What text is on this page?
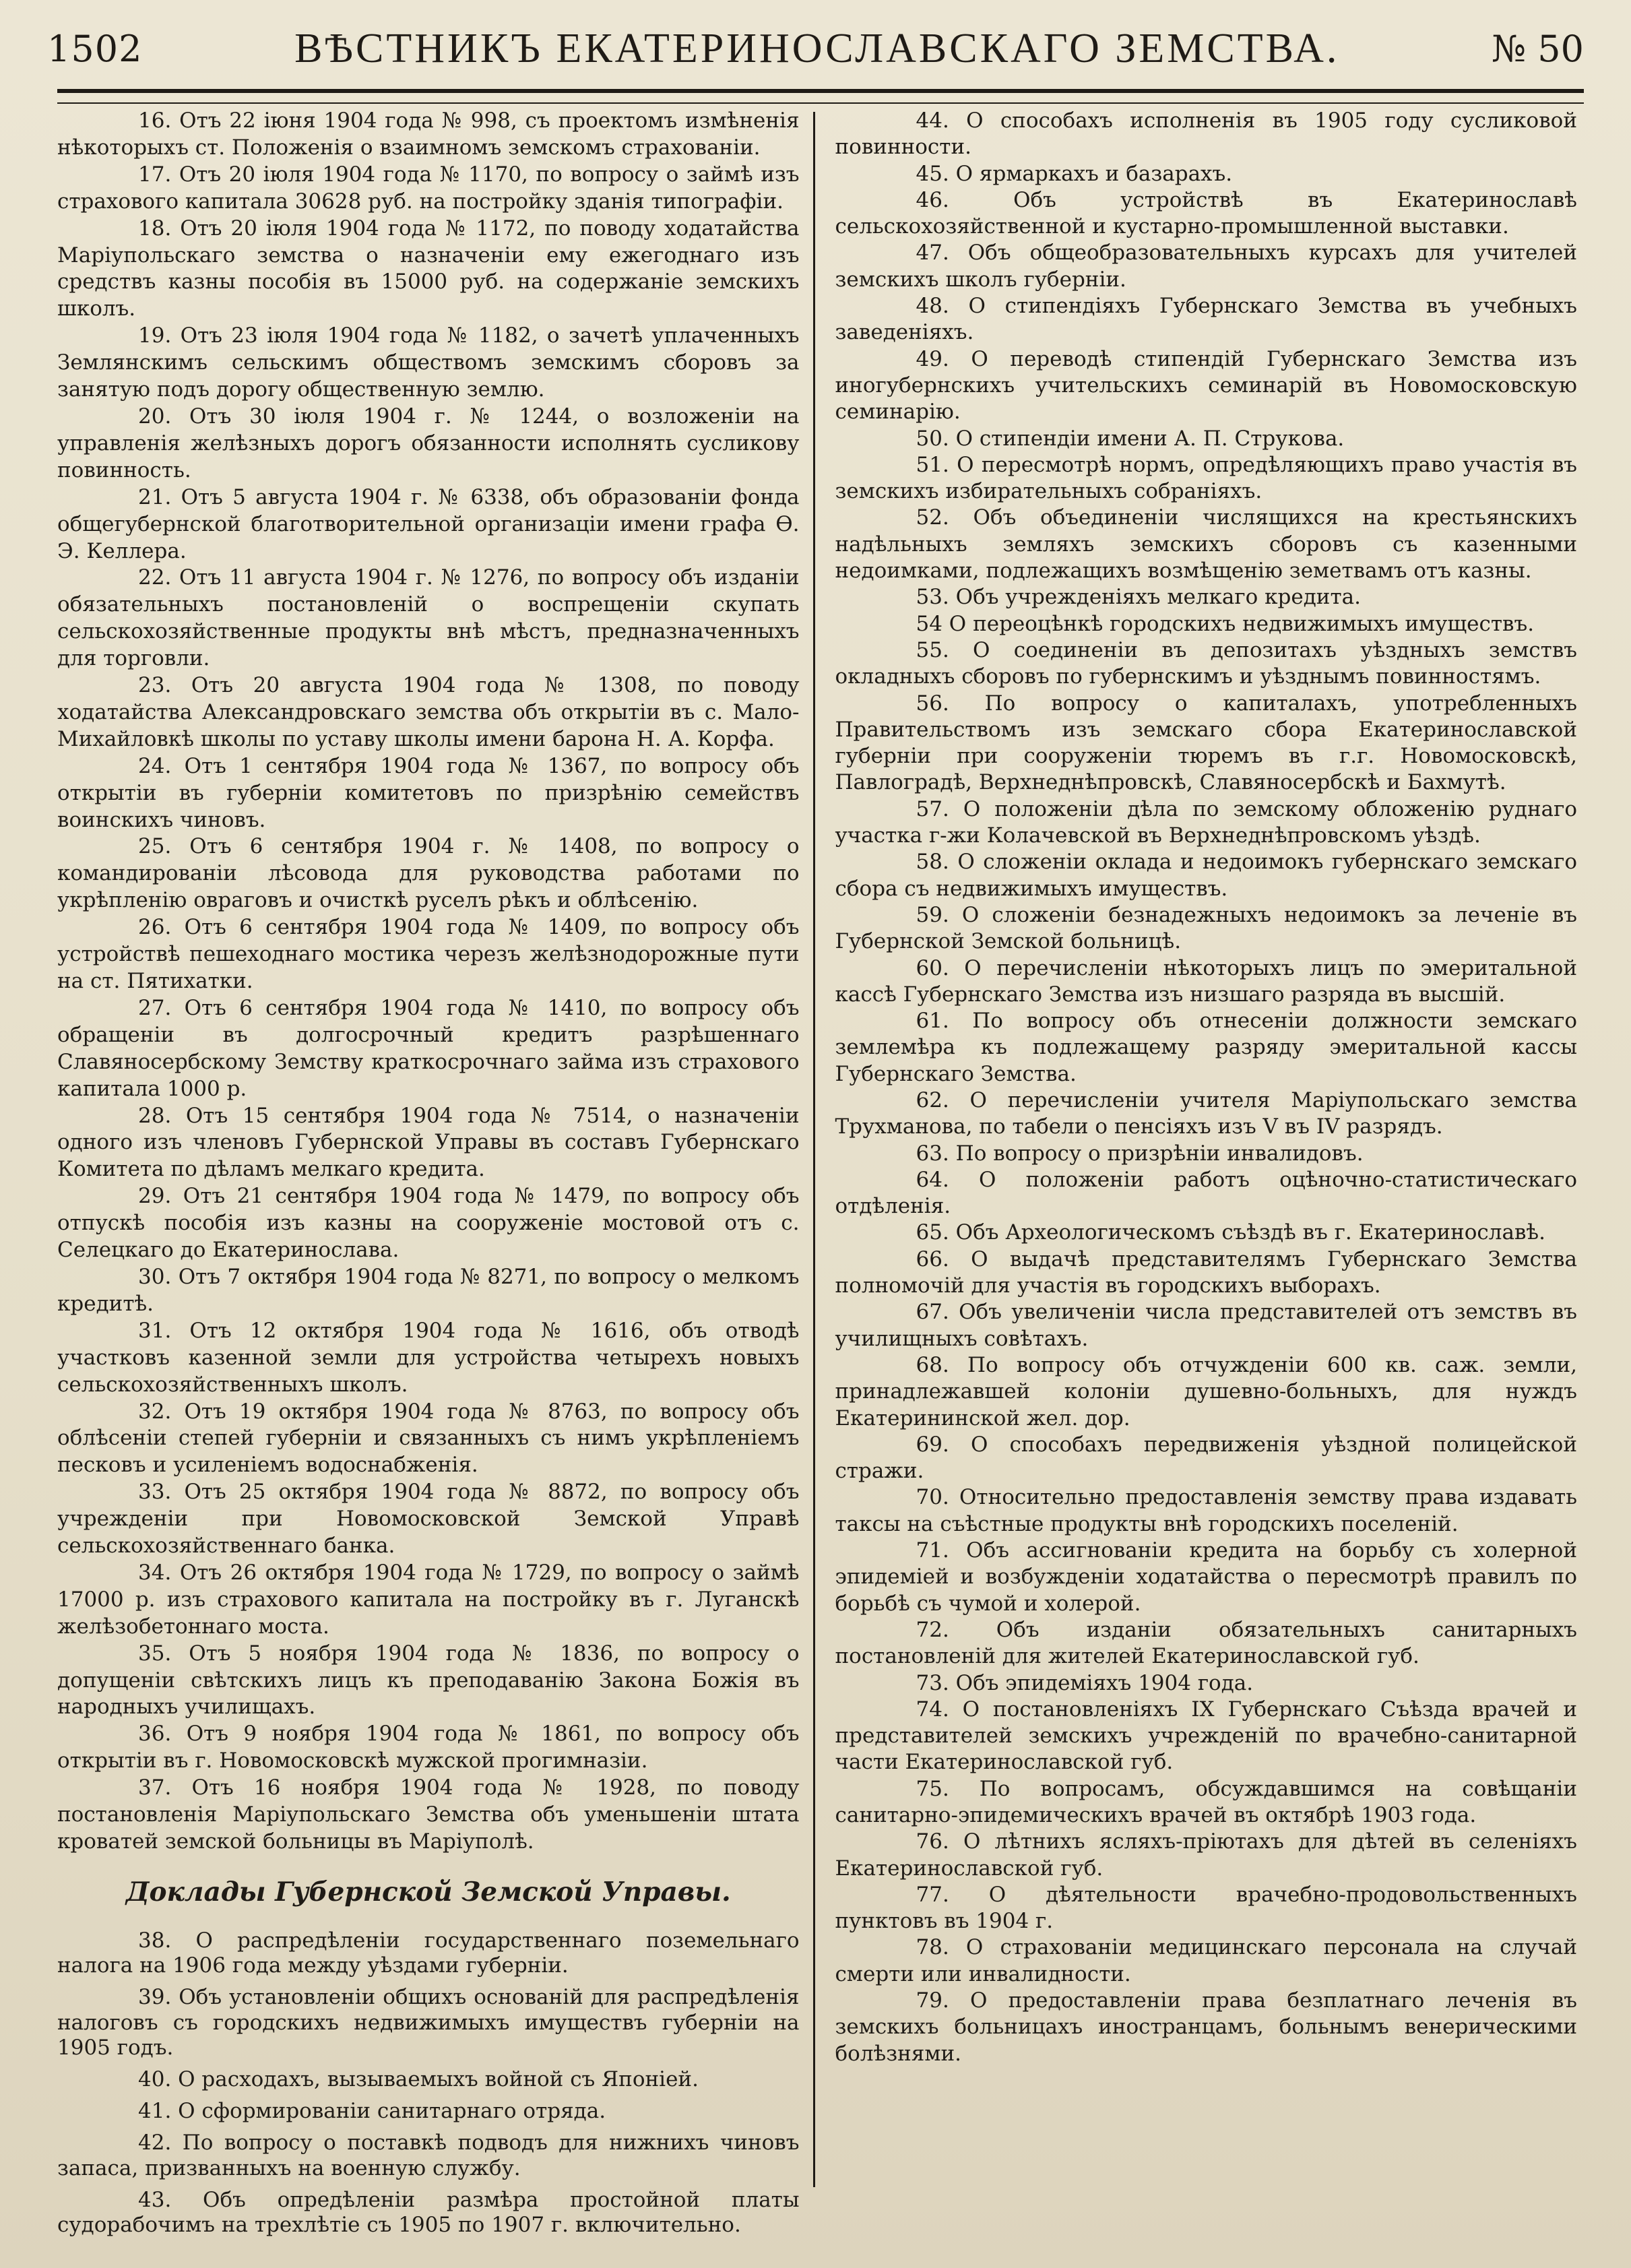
1502	ВѢСТНИКЪ ЕКАТЕРИНОСЛАВСКАГО ЗЕМСТВА.	№ 50

16. Отъ 22 іюня 1904 года № 998, съ проектомъ измѣненія нѣкоторыхъ ст. Положенія о взаимномъ земскомъ страхованіи.

17. Отъ 20 іюля 1904 года № 1170, по вопросу о займѣ изъ страхового капитала 30628 руб. на постройку зданія типографіи.

18. Отъ 20 іюля 1904 года № 1172, по поводу ходатайства Маріупольскаго земства о назначеніи ему ежегоднаго изъ средствъ казны пособія въ 15000 руб. на содержаніе земскихъ школъ.

19. Отъ 23 іюля 1904 года № 1182, о зачетѣ уплаченныхъ Землянскимъ сельскимъ обществомъ земскимъ сборовъ за занятую подъ дорогу общественную землю.

20. Отъ 30 іюля 1904 г. № 1244, о возложеніи на управленія желѣзныхъ дорогъ обязанности исполнять сусликову повинность.

21. Отъ 5 августа 1904 г. № 6338, объ образованіи фонда общегубернской благотворительной организаціи имени графа Ѳ. Э. Келлера.

22. Отъ 11 августа 1904 г. № 1276, по вопросу объ изданіи обязательныхъ постановленій о воспрещеніи скупать сельскохозяйственные продукты внѣ мѣстъ, предназначенныхъ для торговли.

23. Отъ 20 августа 1904 года № 1308, по поводу ходатайства Александровскаго земства объ открытіи въ с. Мало-Михайловкѣ школы по уставу школы имени барона Н. А. Корфа.

24. Отъ 1 сентября 1904 года № 1367, по вопросу объ открытіи въ губерніи комитетовъ по призрѣнію семействъ воинскихъ чиновъ.

25. Отъ 6 сентября 1904 г. № 1408, по вопросу о командированіи лѣсовода для руководства работами по укрѣпленію овраговъ и очисткѣ руселъ рѣкъ и облѣсенію.

26. Отъ 6 сентября 1904 года № 1409, по вопросу объ устройствѣ пешеходнаго мостика черезъ желѣзнодорожные пути на ст. Пятихатки.

27. Отъ 6 сентября 1904 года № 1410, по вопросу объ обращеніи въ долгосрочный кредитъ разрѣшеннаго Славяносербскому Земству краткосрочнаго займа изъ страхового капитала 1000 р.

28. Отъ 15 сентября 1904 года № 7514, о назначеніи одного изъ членовъ Губернской Управы въ составъ Губернскаго Комитета по дѣламъ мелкаго кредита.

29. Отъ 21 сентября 1904 года № 1479, по вопросу объ отпускѣ пособія изъ казны на сооруженіе мостовой отъ с. Селецкаго до Екатеринослава.

30. Отъ 7 октября 1904 года № 8271, по вопросу о мелкомъ кредитѣ.

31. Отъ 12 октября 1904 года № 1616, объ отводѣ участковъ казенной земли для устройства четырехъ новыхъ сельскохозяйственныхъ школъ.

32. Отъ 19 октября 1904 года № 8763, по вопросу объ облѣсеніи степей губерніи и связанныхъ съ нимъ укрѣпленіемъ песковъ и усиленіемъ водоснабженія.

33. Отъ 25 октября 1904 года № 8872, по вопросу объ учрежденіи при Новомосковской Земской Управѣ сельскохозяйственнаго банка.

34. Отъ 26 октября 1904 года № 1729, по вопросу о займѣ 17000 р. изъ страхового капитала на постройку въ г. Луганскѣ желѣзобетоннаго моста.

35. Отъ 5 ноября 1904 года № 1836, по вопросу о допущеніи свѣтскихъ лицъ къ преподаванію Закона Божія въ народныхъ училищахъ.

36. Отъ 9 ноября 1904 года № 1861, по вопросу объ открытіи въ г. Новомосковскѣ мужской прогимназіи.

37. Отъ 16 ноября 1904 года № 1928, по поводу постановленія Маріупольскаго Земства объ уменьшеніи штата кроватей земской больницы въ Маріуполѣ.

Доклады Губернской Земской Управы.

38. О распредѣленіи государственнаго поземельнаго налога на 1906 года между уѣздами губерніи.

39. Объ установленіи общихъ основаній для распредѣленія налоговъ съ городскихъ недвижимыхъ имуществъ губерніи на 1905 годъ.

40. О расходахъ, вызываемыхъ войной съ Японіей.

41. О сформированіи санитарнаго отряда.

42. По вопросу о поставкѣ подводъ для нижнихъ чиновъ запаса, призванныхъ на военную службу.

43. Объ опредѣленіи размѣра простойной платы судорабочимъ на трехлѣтіе съ 1905 по 1907 г. включительно.

44. О способахъ исполненія въ 1905 году сусликовой повинности.

45. О ярмаркахъ и базарахъ.

46. Объ устройствѣ въ Екатеринославѣ сельскохозяйственной и кустарно-промышленной выставки.

47. Объ общеобразовательныхъ курсахъ для учителей земскихъ школъ губерніи.

48. О стипендіяхъ Губернскаго Земства въ учебныхъ заведеніяхъ.

49. О переводѣ стипендій Губернскаго Земства изъ иногубернскихъ учительскихъ семинарій въ Новомосковскую семинарію.

50. О стипендіи имени А. П. Струкова.

51. О пересмотрѣ нормъ, опредѣляющихъ право участія въ земскихъ избирательныхъ собраніяхъ.

52. Объ объединеніи числящихся на крестьянскихъ надѣльныхъ земляхъ земскихъ сборовъ съ казенными недоимками, подлежащихъ возмѣщенію земетвамъ отъ казны.

53. Объ учрежденіяхъ мелкаго кредита.

54 О переоцѣнкѣ городскихъ недвижимыхъ имуществъ.

55. О соединеніи въ депозитахъ уѣздныхъ земствъ окладныхъ сборовъ по губернскимъ и уѣзднымъ повинностямъ.

56. По вопросу о капиталахъ, употребленныхъ Правительствомъ изъ земскаго сбора Екатеринославской губерніи при сооруженіи тюремъ въ г.г. Новомосковскѣ, Павлоградѣ, Верхнеднѣпровскѣ, Славяносербскѣ и Бахмутѣ.

57. О положеніи дѣла по земскому обложенію руднаго участка г-жи Колачевской въ Верхнеднѣпровскомъ уѣздѣ.

58. О сложеніи оклада и недоимокъ губернскаго земскаго сбора съ недвижимыхъ имуществъ.

59. О сложеніи безнадежныхъ недоимокъ за леченіе въ Губернской Земской больницѣ.

60. О перечисленіи нѣкоторыхъ лицъ по эмеритальной кассѣ Губернскаго Земства изъ низшаго разряда въ высшій.

61. По вопросу объ отнесеніи должности земскаго землемѣра къ подлежащему разряду эмеритальной кассы Губернскаго Земства.

62. О перечисленіи учителя Маріупольскаго земства Трухманова, по табели о пенсіяхъ изъ V въ IV разрядъ.

63. По вопросу о призрѣніи инвалидовъ.

64. О положеніи работъ оцѣночно-статистическаго отдѣленія.

65. Объ Археологическомъ съѣздѣ въ г. Екатеринославѣ.

66. О выдачѣ представителямъ Губернскаго Земства полномочій для участія въ городскихъ выборахъ.

67. Объ увеличеніи числа представителей отъ земствъ въ училищныхъ совѣтахъ.

68. По вопросу объ отчужденіи 600 кв. саж. земли, принадлежавшей колоніи душевно-больныхъ, для нуждъ Екатерининской жел. дор.

69. О способахъ передвиженія уѣздной полицейской стражи.

70. Относительно предоставленія земству права издавать таксы на съѣстные продукты внѣ городскихъ поселеній.

71. Объ ассигнованіи кредита на борьбу съ холерной эпидеміей и возбужденіи ходатайства о пересмотрѣ правилъ по борьбѣ съ чумой и холерой.

72. Объ изданіи обязательныхъ санитарныхъ постановленій для жителей Екатеринославской губ.

73. Объ эпидеміяхъ 1904 года.

74. О постановленіяхъ IX Губернскаго Съѣзда врачей и представителей земскихъ учрежденій по врачебно-санитарной части Екатеринославской губ.

75. По вопросамъ, обсуждавшимся на совѣщаніи санитарно-эпидемическихъ врачей въ октябрѣ 1903 года.

76. О лѣтнихъ ясляхъ-пріютахъ для дѣтей въ селеніяхъ Екатеринославской губ.

77. О дѣятельности врачебно-продовольственныхъ пунктовъ въ 1904 г.

78. О страхованіи медицинскаго персонала на случай смерти или инвалидности.

79. О предоставленіи права безплатнаго леченія въ земскихъ больницахъ иностранцамъ, больнымъ венерическими болѣзнями.
